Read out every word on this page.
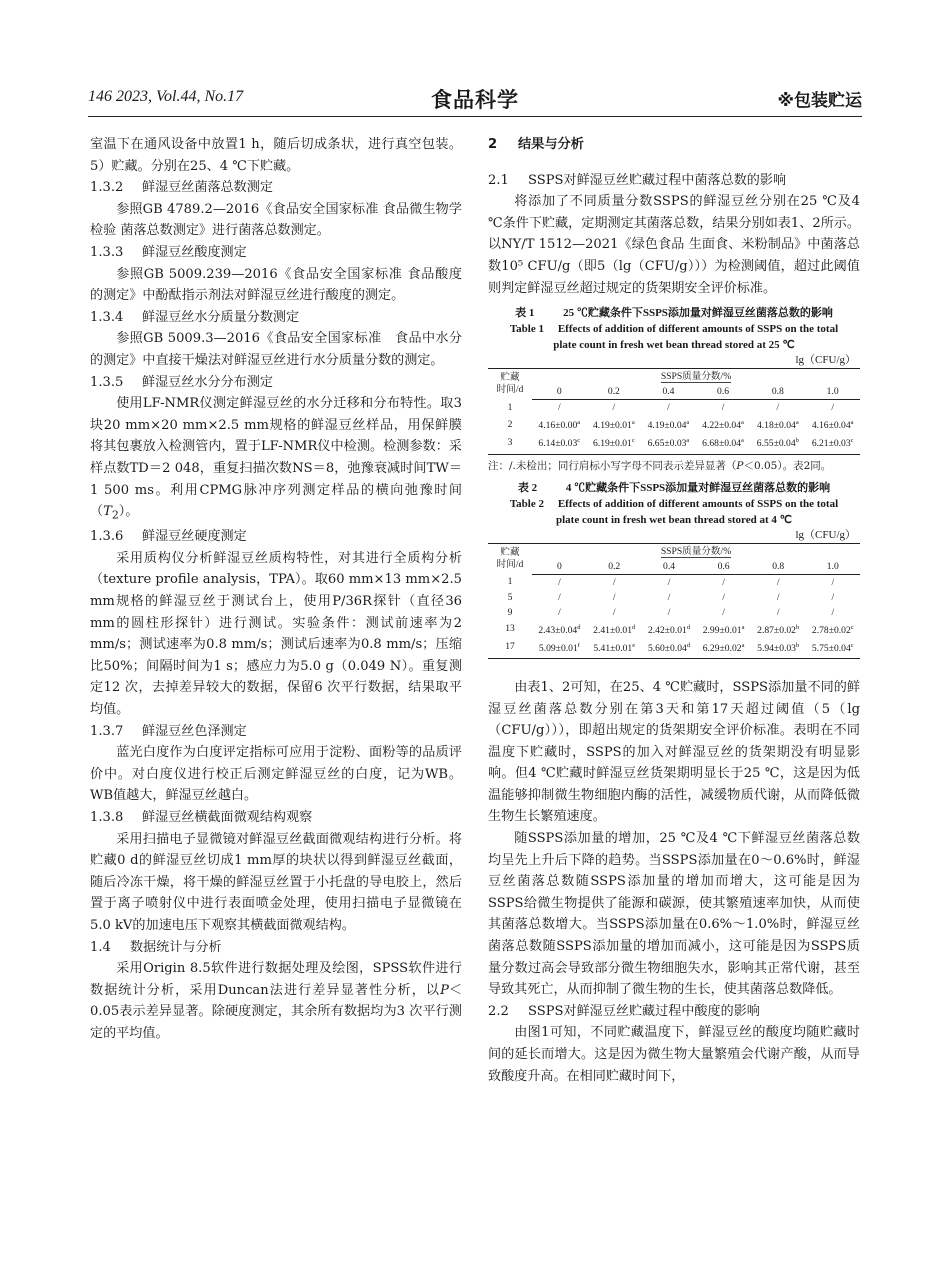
146 2023, Vol.44, No.17	食品科学	※包装贮运

室温下在通风设备中放置1 h，随后切成条状，进行真空包装。5）贮藏。分别在25、4 ℃下贮藏。

1.3.2 鲜湿豆丝菌落总数测定

参照GB 4789.2—2016《食品安全国家标准 食品微生物学检验 菌落总数测定》进行菌落总数测定。

1.3.3 鲜湿豆丝酸度测定

参照GB 5009.239—2016《食品安全国家标准 食品酸度的测定》中酚酞指示剂法对鲜湿豆丝进行酸度的测定。

1.3.4 鲜湿豆丝水分质量分数测定

参照GB 5009.3—2016《食品安全国家标准　食品中水分的测定》中直接干燥法对鲜湿豆丝进行水分质量分数的测定。

1.3.5 鲜湿豆丝水分分布测定

使用LF-NMR仪测定鲜湿豆丝的水分迁移和分布特性。取3 块20 mm×20 mm×2.5 mm规格的鲜湿豆丝样品，用保鲜膜将其包裹放入检测管内，置于LF-NMR仪中检测。检测参数：采样点数TD＝2 048，重复扫描次数NS＝8，弛豫衰减时间TW＝1 500 ms。利用CPMG脉冲序列测定样品的横向弛豫时间$(T_2)$。

1.3.6 鲜湿豆丝硬度测定

采用质构仪分析鲜湿豆丝质构特性，对其进行全质构分析（texture profile analysis，TPA）。取60 mm×13 mm×2.5 mm规格的鲜湿豆丝于测试台上，使用P/36R探针（直径36 mm的圆柱形探针）进行测试。实验条件：测试前速率为2 mm/s；测试速率为0.8 mm/s；测试后速率为0.8 mm/s；压缩比50%；间隔时间为1 s；感应力为5.0 g（0.049 N）。重复测定12 次，去掉差异较大的数据，保留6 次平行数据，结果取平均值。

1.3.7 鲜湿豆丝色泽测定

蓝光白度作为白度评定指标可应用于淀粉、面粉等的品质评价中。对白度仪进行校正后测定鲜湿豆丝的白度，记为WB。WB值越大，鲜湿豆丝越白。

1.3.8 鲜湿豆丝横截面微观结构观察

采用扫描电子显微镜对鲜湿豆丝截面微观结构进行分析。将贮藏0 d的鲜湿豆丝切成1 mm厚的块状以得到鲜湿豆丝截面，随后冷冻干燥，将干燥的鲜湿豆丝置于小托盘的导电胶上，然后置于离子喷射仪中进行表面喷金处理，使用扫描电子显微镜在5.0 kV的加速电压下观察其横截面微观结构。

1.4 数据统计与分析

采用Origin 8.5软件进行数据处理及绘图，SPSS软件进行数据统计分析，采用Duncan法进行差异显著性分析，以P＜0.05表示差异显著。除硬度测定，其余所有数据均为3 次平行测定的平均值。

2 结果与分析

2.1 SSPS对鲜湿豆丝贮藏过程中菌落总数的影响

将添加了不同质量分数SSPS的鲜湿豆丝分别在25 ℃及4 ℃条件下贮藏，定期测定其菌落总数，结果分别如表1、2所示。以NY/T 1512—2021《绿色食品 生面食、米粉制品》中菌落总数10⁵ CFU/g（即5（lg（CFU/g）））为检测阈值，超过此阈值则判定鲜湿豆丝超过规定的货架期安全评价标准。

表 1	25 ℃贮藏条件下SSPS添加量对鲜湿豆丝菌落总数的影响

Table 1 Effects of addition of different amounts of SSPS on the total

plate count in fresh wet bean thread stored at 25 ℃

lg（CFU/g）

贮藏
时间/d	SSPS质量分数/%					
	0	0.2	0.4	0.6	0.8	1.0
1	/	/	/	/	/	/
2	4.16±0.00$^a$	4.19±0.01$^a$	4.19±0.04$^a$	4.22±0.04$^a$	4.18±0.04$^a$	4.16±0.04$^a$
3	6.14±0.03$^c$	6.19±0.01$^c$	6.65±0.03$^a$	6.68±0.04$^a$	6.55±0.04$^b$	6.21±0.03$^c$

注：/.未检出；同行肩标小写字母不同表示差异显著（P＜0.05）。表2同。

表 2	4 ℃贮藏条件下SSPS添加量对鲜湿豆丝菌落总数的影响

Table 2 Effects of addition of different amounts of SSPS on the total

plate count in fresh wet bean thread stored at 4 ℃

lg（CFU/g）

贮藏
时间/d	SSPS质量分数/%					
	0	0.2	0.4	0.6	0.8	1.0
1	/	/	/	/	/	/
5	/	/	/	/	/	/
9	/	/	/	/	/	/
13	2.43±0.04$^d$	2.41±0.01$^d$	2.42±0.01$^d$	2.99±0.01$^a$	2.87±0.02$^b$	2.78±0.02$^c$
17	5.09±0.01$^f$	5.41±0.01$^e$	5.60±0.04$^d$	6.29±0.02$^a$	5.94±0.03$^b$	5.75±0.04$^c$

由表1、2可知，在25、4 ℃贮藏时，SSPS添加量不同的鲜湿豆丝菌落总数分别在第3天和第17天超过阈值（5（lg（CFU/g））），即超出规定的货架期安全评价标准。表明在不同温度下贮藏时，SSPS的加入对鲜湿豆丝的货架期没有明显影响。但4 ℃贮藏时鲜湿豆丝货架期明显长于25 ℃，这是因为低温能够抑制微生物细胞内酶的活性，减缓物质代谢，从而降低微生物生长繁殖速度。

随SSPS添加量的增加，25 ℃及4 ℃下鲜湿豆丝菌落总数均呈先上升后下降的趋势。当SSPS添加量在0～0.6%时，鲜湿豆丝菌落总数随SSPS添加量的增加而增大，这可能是因为SSPS给微生物提供了能源和碳源，使其繁殖速率加快，从而使其菌落总数增大。当SSPS添加量在0.6%～1.0%时，鲜湿豆丝菌落总数随SSPS添加量的增加而减小，这可能是因为SSPS质量分数过高会导致部分微生物细胞失水，影响其正常代谢，甚至导致其死亡，从而抑制了微生物的生长，使其菌落总数降低。

2.2 SSPS对鲜湿豆丝贮藏过程中酸度的影响

由图1可知，不同贮藏温度下，鲜湿豆丝的酸度均随贮藏时间的延长而增大。这是因为微生物大量繁殖会代谢产酸，从而导致酸度升高。在相同贮藏时间下，
